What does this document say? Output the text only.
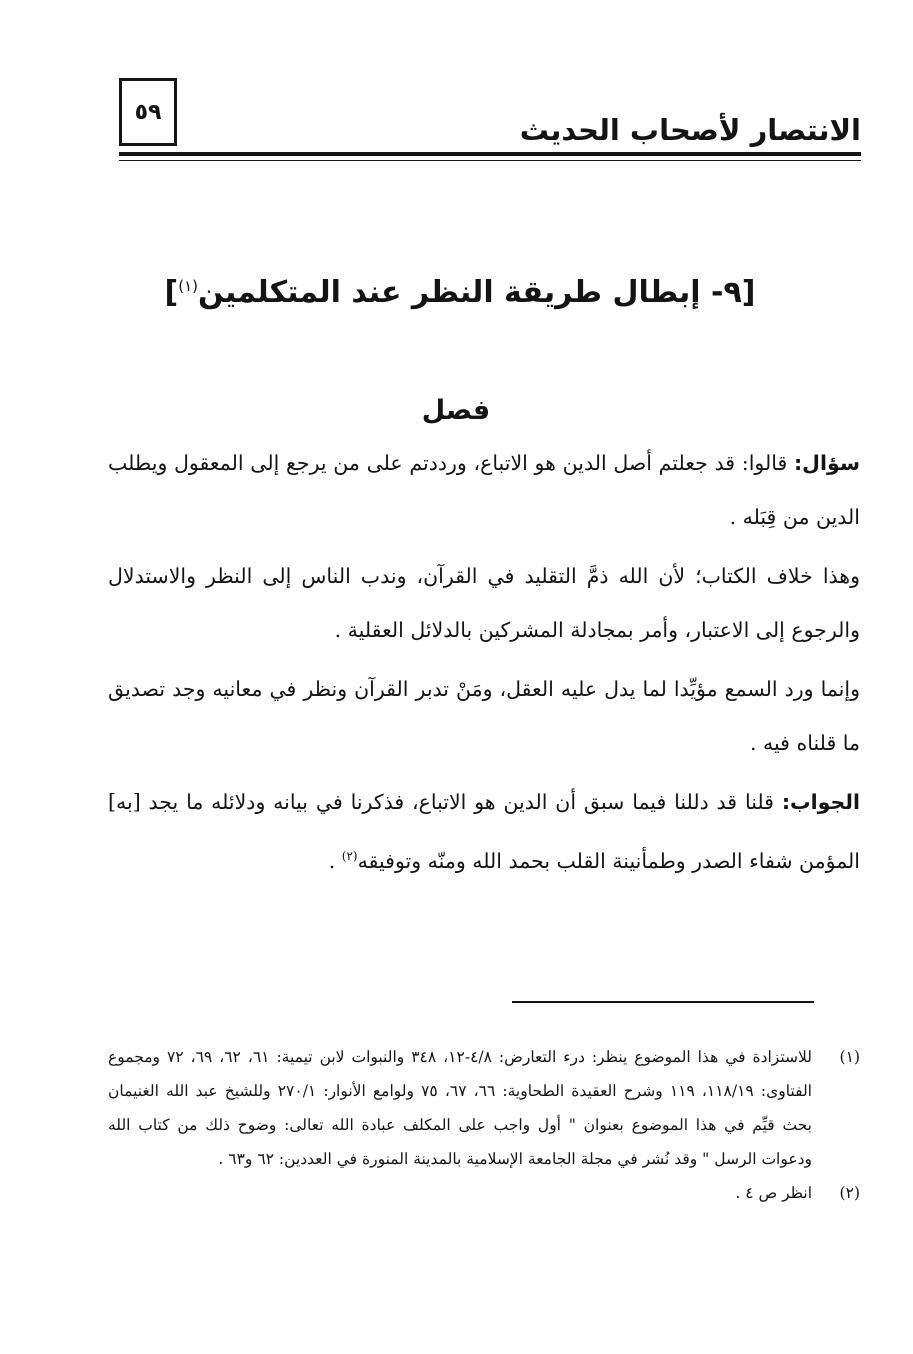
٥٩
الانتصار لأصحاب الحديث
[٩- إبطال طريقة النظر عند المتكلمين$^{(١)}$]
فصل

سؤال: قالوا: قد جعلتم أصل الدين هو الاتباع، ورددتم على من يرجع إلى المعقول ويطلب الدين من قِبَله .

وهذا خلاف الكتاب؛ لأن الله ذمَّ التقليد في القرآن، وندب الناس إلى النظر والاستدلال والرجوع إلى الاعتبار، وأمر بمجادلة المشركين بالدلائل العقلية .

وإنما ورد السمع مؤيِّدا لما يدل عليه العقل، ومَنْ تدبر القرآن ونظر في معانيه وجد تصديق ما قلناه فيه .

الجواب: قلنا قد دللنا فيما سبق أن الدين هو الاتباع، فذكرنا في بيانه ودلائله ما يجد [به] المؤمن شفاء الصدر وطمأنينة القلب بحمد الله ومنّه وتوفيقه$^{(٢)}$ .

(١)
للاستزادة في هذا الموضوع ينظر: درء التعارض: ٤/٨-١٢، ٣٤٨ والنبوات لابن تيمية: ٦١، ٦٢، ٦٩، ٧٢ ومجموع الفتاوى: ١١٨/١٩، ١١٩ وشرح العقيدة الطحاوية: ٦٦، ٦٧، ٧٥ ولوامع الأنوار: ٢٧٠/١ وللشيخ عبد الله الغنيمان بحث قيِّم في هذا الموضوع بعنوان " أول واجب على المكلف عبادة الله تعالى: وضوح ذلك من كتاب الله ودعوات الرسل " وقد نُشر في مجلة الجامعة الإسلامية بالمدينة المنورة في العددين: ٦٢ و٦٣ .
(٢)
انظر ص ٤ .
